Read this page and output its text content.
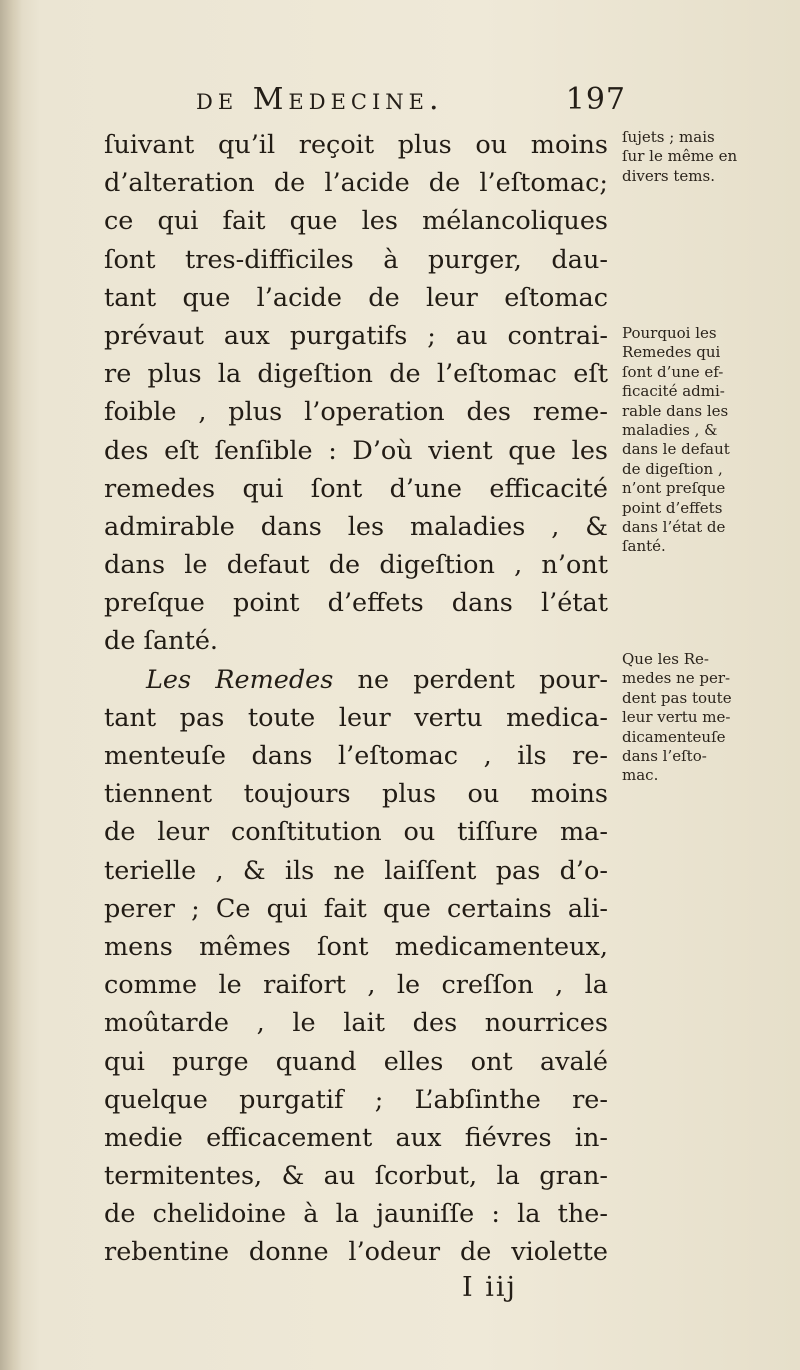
de Medecine.	197
ſuivant qu’il reçoit plus ou moins
d’alteration de l’acide de l’eſtomac;
ce qui fait que les mélancoliques
ſont tres-difficiles à purger, dau-
tant que l’acide de leur eſtomac
prévaut aux purgatifs ; au contrai-
re plus la digeſtion de l’eſtomac eſt
foible , plus l’operation des reme-
des eſt ſenſible : D’où vient que les
remedes qui ſont d’une efficacité
admirable dans les maladies , &
dans le defaut de digeſtion , n’ont
preſque point d’effets dans l’état
de ſanté.
Les Remedes ne perdent pour-
tant pas toute leur vertu medica-
menteuſe dans l’eſtomac , ils re-
tiennent toujours plus ou moins
de leur conſtitution ou tiſſure ma-
terielle , & ils ne laiſſent pas d’o-
perer ; Ce qui fait que certains ali-
mens mêmes ſont medicamenteux,
comme le raifort , le creſſon , la
moûtarde , le lait des nourrices
qui purge quand elles ont avalé
quelque purgatif ; L’abſinthe re-
medie efficacement aux fiévres in-
termitentes, & au ſcorbut, la gran-
de chelidoine à la jauniſſe : la the-
rebentine donne l’odeur de violette
ſujets ; mais
ſur le même en
divers tems.
Pourquoi les
Remedes qui
ſont d’une ef-
ficacité admi-
rable dans les
maladies , &
dans le defaut
de digeſtion ,
n’ont preſque
point d’effets
dans l’état de
ſanté.
Que les Re-
medes ne per-
dent pas toute
leur vertu me-
dicamenteuſe
dans l’eſto-
mac.
I iij
